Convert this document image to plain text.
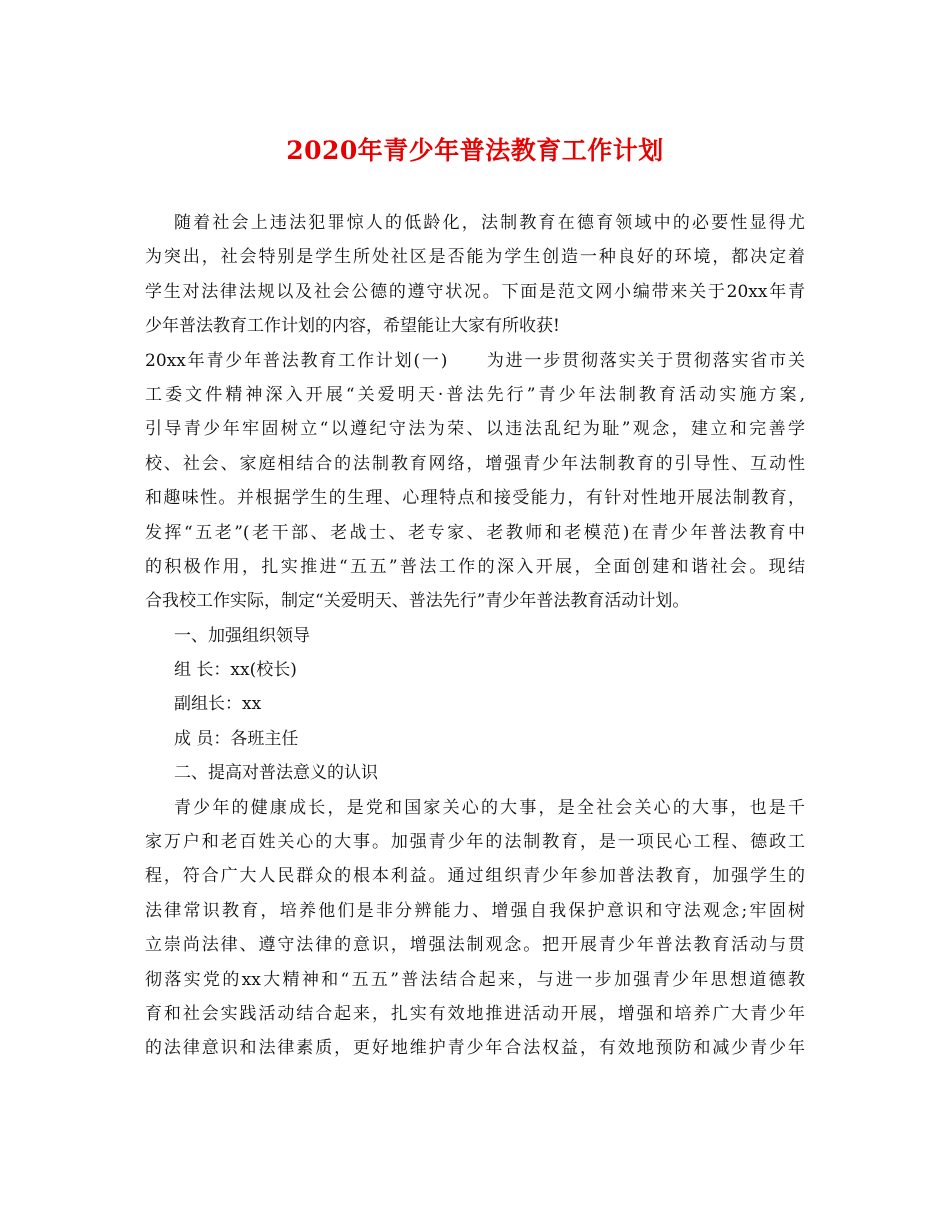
2020年青少年普法教育工作计划
随着社会上违法犯罪惊人的低龄化，法制教育在德育领域中的必要性显得尤
为突出，社会特别是学生所处社区是否能为学生创造一种良好的环境，都决定着
学生对法律法规以及社会公德的遵守状况。下面是范文网小编带来关于20xx年青
少年普法教育工作计划的内容，希望能让大家有所收获!
20xx年青少年普法教育工作计划(一)　　为进一步贯彻落实关于贯彻落实省市关
工委文件精神深入开展“关爱明天·普法先行”青少年法制教育活动实施方案,
引导青少年牢固树立“以遵纪守法为荣、以违法乱纪为耻”观念，建立和完善学
校、社会、家庭相结合的法制教育网络，增强青少年法制教育的引导性、互动性
和趣味性。并根据学生的生理、心理特点和接受能力，有针对性地开展法制教育，
发挥“五老”(老干部、老战士、老专家、老教师和老模范)在青少年普法教育中
的积极作用，扎实推进“五五”普法工作的深入开展，全面创建和谐社会。现结
合我校工作实际，制定“关爱明天、普法先行”青少年普法教育活动计划。
一、加强组织领导
组 长：xx(校长)
副组长：xx
成 员：各班主任
二、提高对普法意义的认识
青少年的健康成长，是党和国家关心的大事，是全社会关心的大事，也是千
家万户和老百姓关心的大事。加强青少年的法制教育，是一项民心工程、德政工
程，符合广大人民群众的根本利益。通过组织青少年参加普法教育，加强学生的
法律常识教育，培养他们是非分辨能力、增强自我保护意识和守法观念;牢固树
立崇尚法律、遵守法律的意识，增强法制观念。把开展青少年普法教育活动与贯
彻落实党的xx大精神和“五五”普法结合起来，与进一步加强青少年思想道德教
育和社会实践活动结合起来，扎实有效地推进活动开展，增强和培养广大青少年
的法律意识和法律素质，更好地维护青少年合法权益，有效地预防和减少青少年
